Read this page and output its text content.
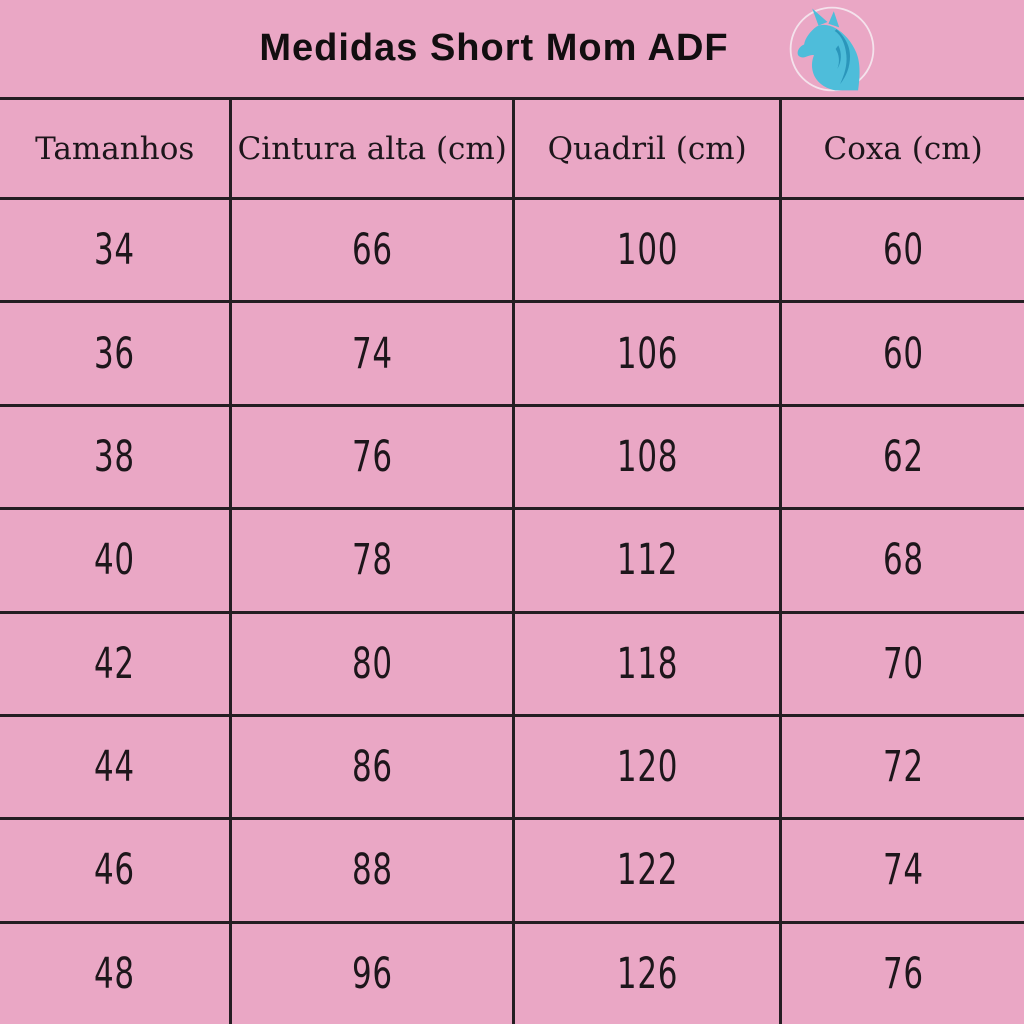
Medidas Short Mom ADF
Tamanhos	Cintura alta (cm)	Quadril (cm)	Coxa (cm)
34	66	100	60
36	74	106	60
38	76	108	62
40	78	112	68
42	80	118	70
44	86	120	72
46	88	122	74
48	96	126	76
